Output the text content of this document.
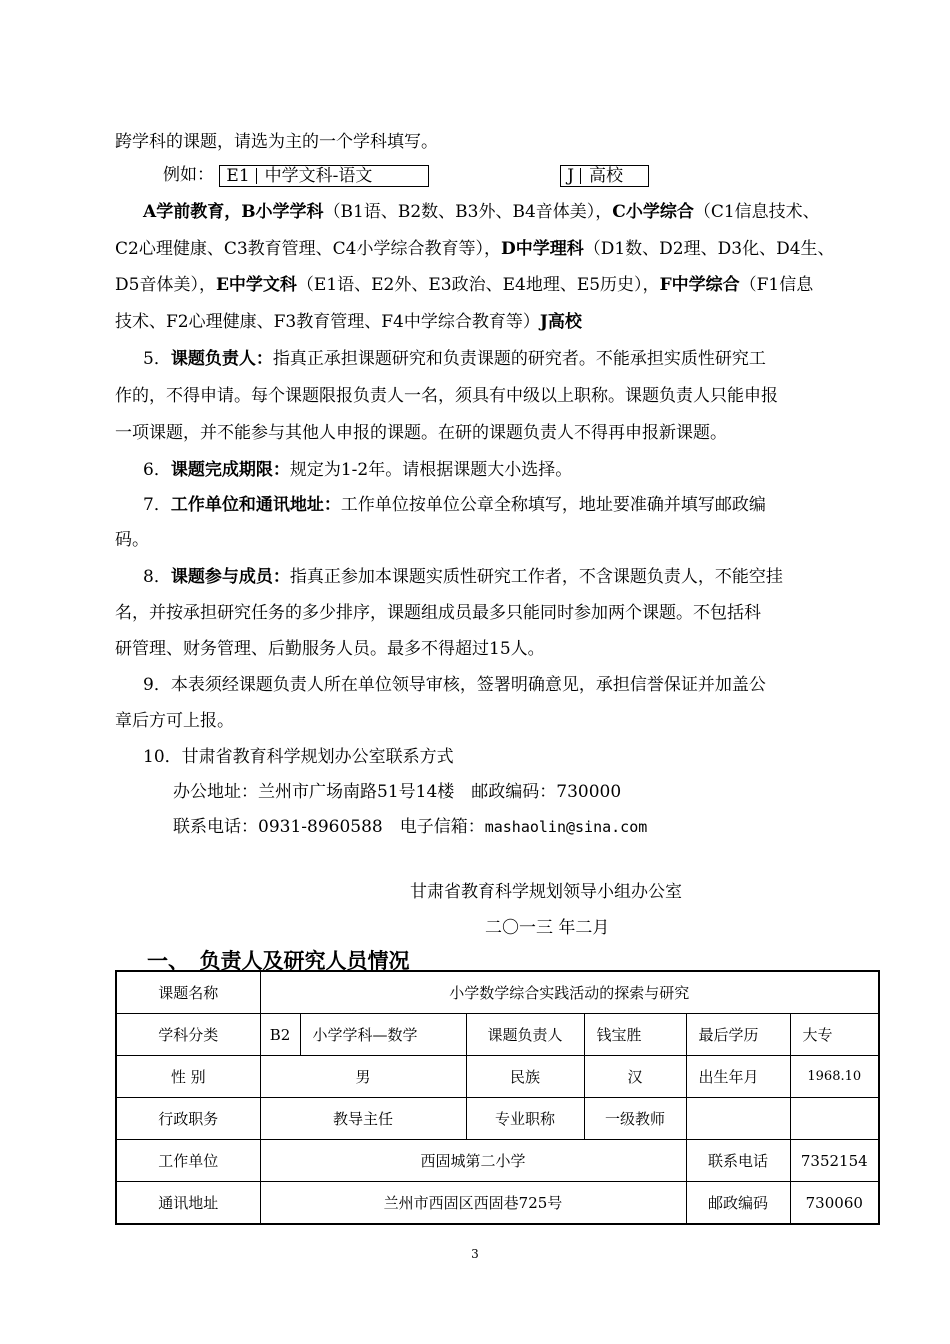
跨学科的课题，请选为主的一个学科填写。
例如： E1 中学文科-语文	J 高校
A学前教育，B小学学科（B1语、B2数、B3外、B4音体美），C小学综合（C1信息技术、
C2心理健康、C3教育管理、C4小学综合教育等），D中学理科（D1数、D2理、D3化、D4生、
D5音体美），E中学文科（E1语、E2外、E3政治、E4地理、E5历史），F中学综合（F1信息
技术、F2心理健康、F3教育管理、F4中学综合教育等）J高校
5．课题负责人：指真正承担课题研究和负责课题的研究者。不能承担实质性研究工
作的，不得申请。每个课题限报负责人一名，须具有中级以上职称。课题负责人只能申报
一项课题，并不能参与其他人申报的课题。在研的课题负责人不得再申报新课题。
6．课题完成期限：规定为1-2年。请根据课题大小选择。
7．工作单位和通讯地址：工作单位按单位公章全称填写，地址要准确并填写邮政编
码。
8．课题参与成员：指真正参加本课题实质性研究工作者，不含课题负责人，不能空挂
名，并按承担研究任务的多少排序，课题组成员最多只能同时参加两个课题。不包括科
研管理、财务管理、后勤服务人员。最多不得超过15人。
9．本表须经课题负责人所在单位领导审核，签署明确意见，承担信誉保证并加盖公
章后方可上报。
10．甘肃省教育科学规划办公室联系方式
办公地址：兰州市广场南路51号14楼　邮政编码：730000
联系电话：0931-8960588　电子信箱：mashaolin@sina.com
甘肃省教育科学规划领导小组办公室
二〇一三 年二月
一、　负责人及研究人员情况
课题名称	小学数学综合实践活动的探索与研究					
学科分类	B2	小学学科—数学	课题负责人	钱宝胜	最后学历	大专
性 别	男		民族	汉	出生年月	1968.10
行政职务	教导主任		专业职称	一级教师		
工作单位	西固城第二小学				联系电话	7352154
通讯地址	兰州市西固区西固巷725号				邮政编码	730060
3
